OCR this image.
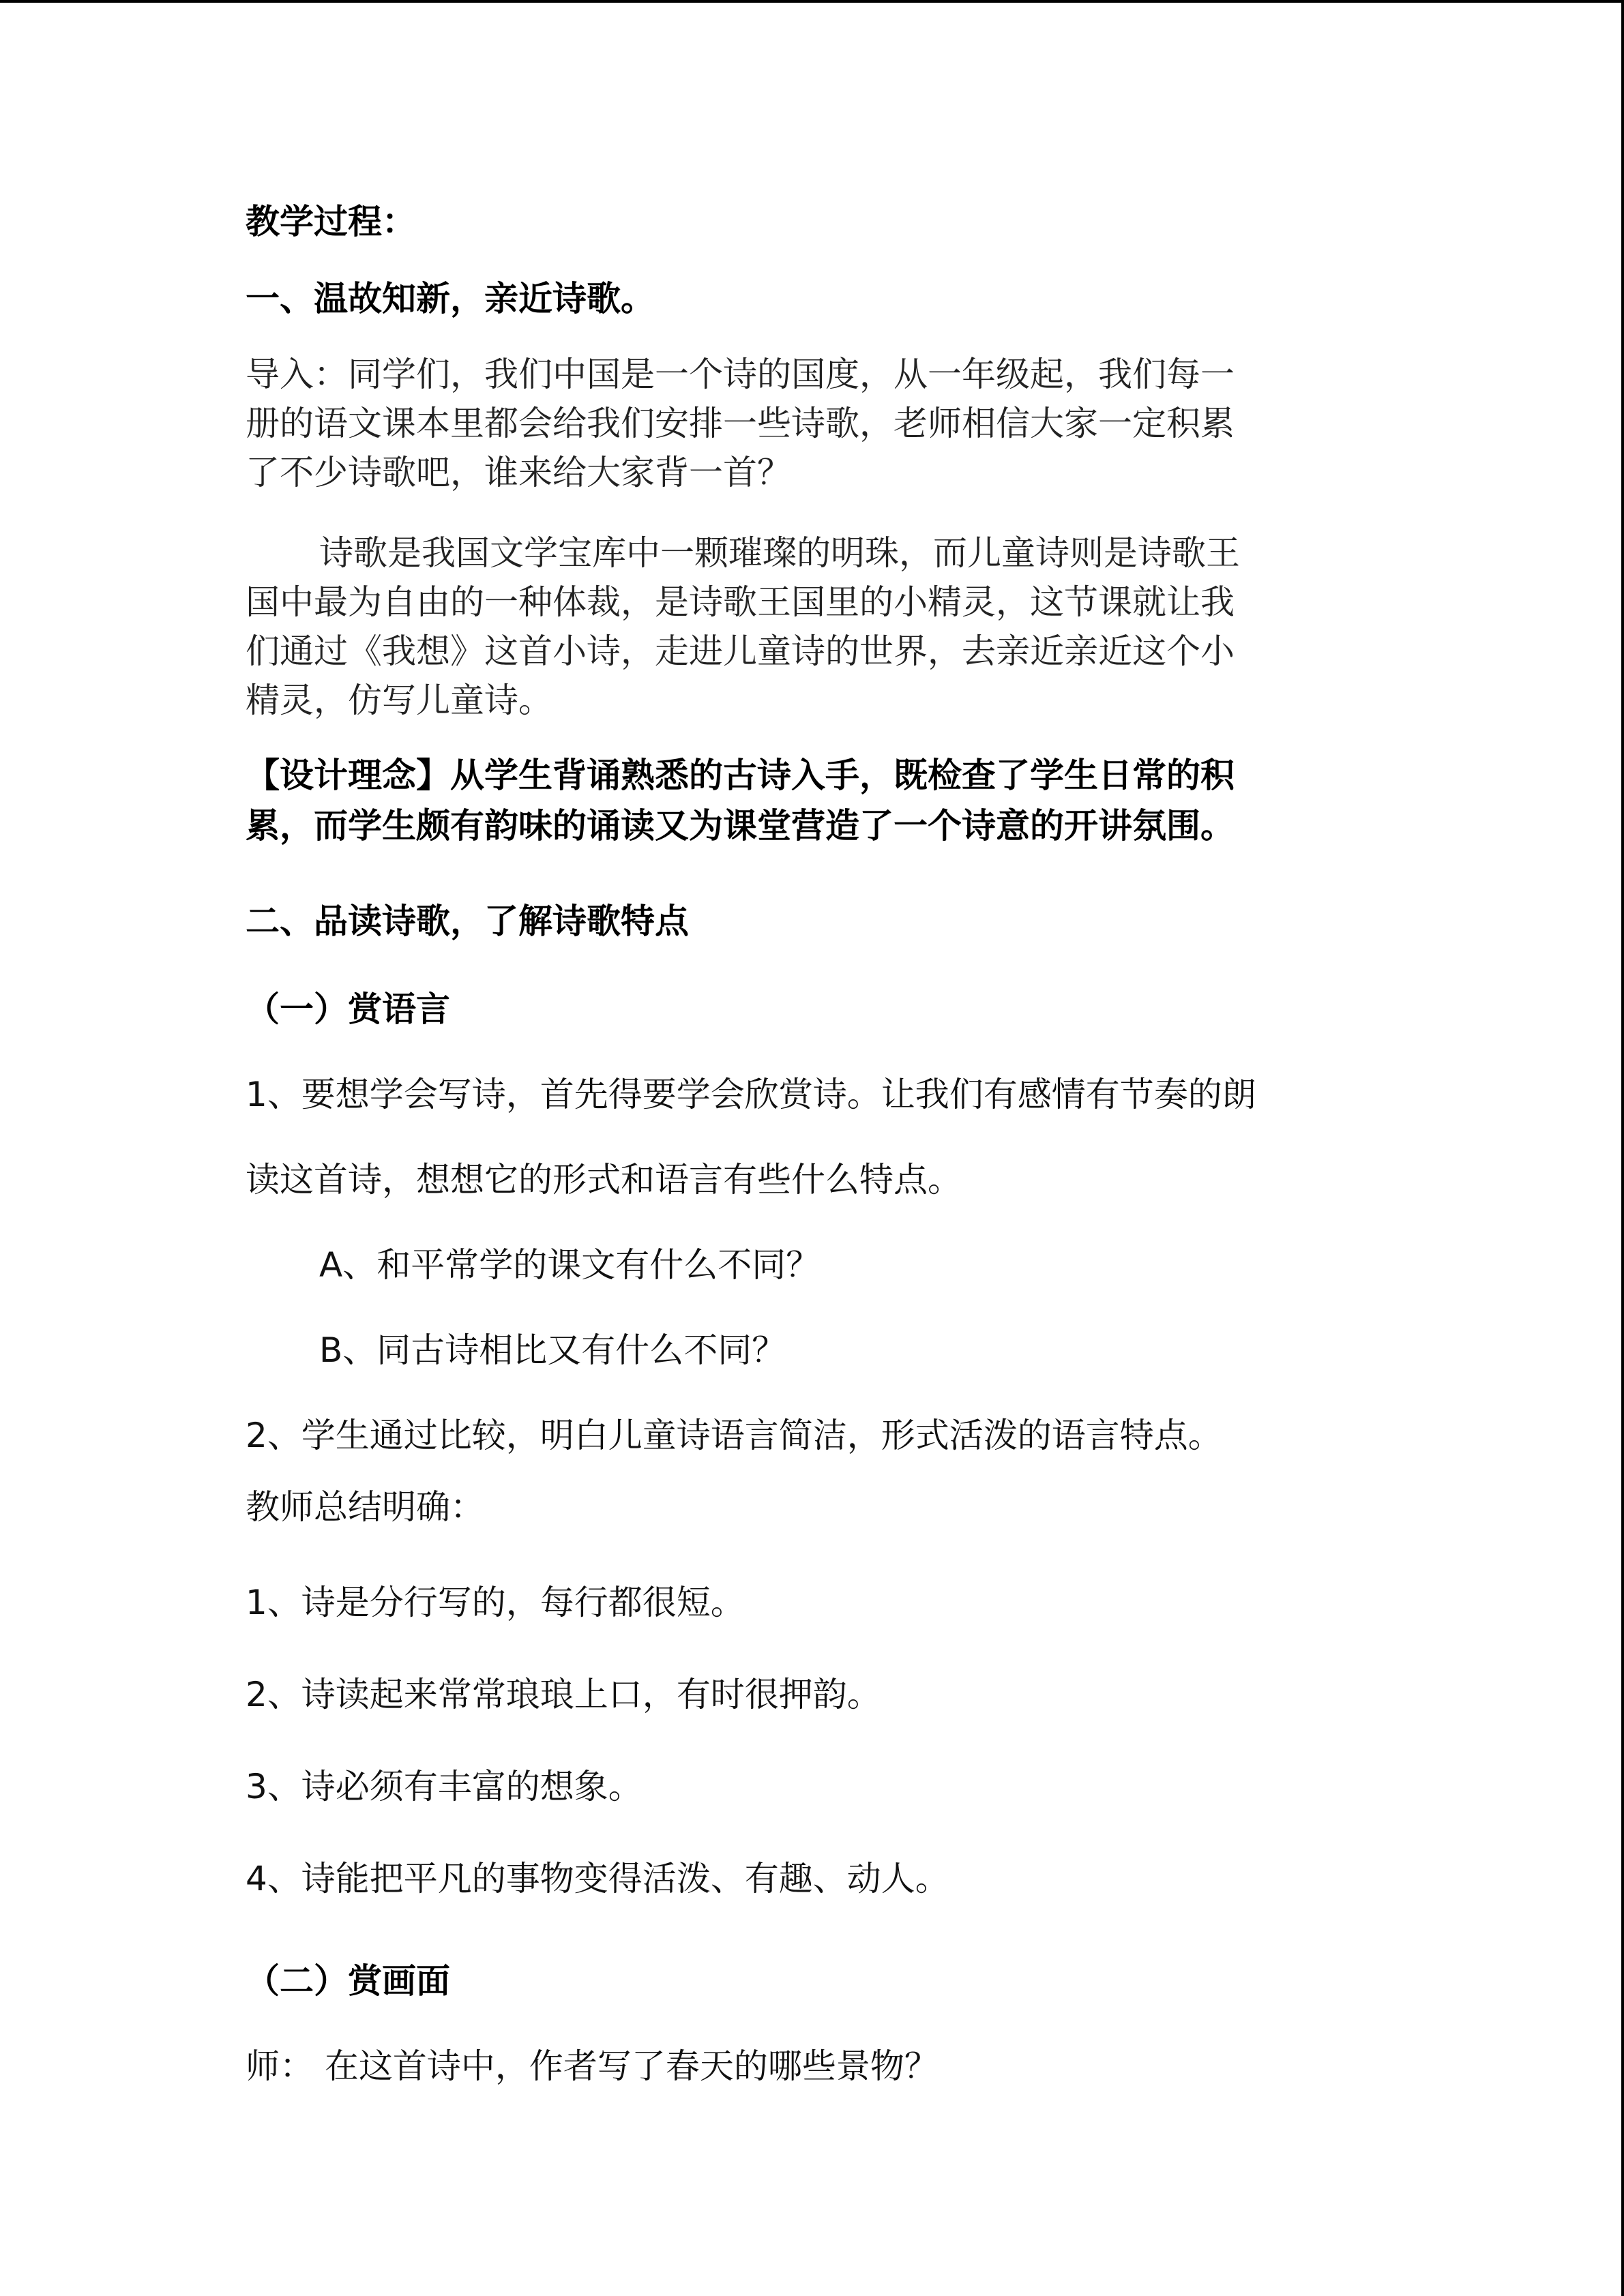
教学过程：
一、温故知新，亲近诗歌。
导入：同学们，我们中国是一个诗的国度，从一年级起，我们每一
册的语文课本里都会给我们安排一些诗歌，老师相信大家一定积累
了不少诗歌吧，谁来给大家背一首？
诗歌是我国文学宝库中一颗璀璨的明珠，而儿童诗则是诗歌王
国中最为自由的一种体裁，是诗歌王国里的小精灵，这节课就让我
们通过《我想》这首小诗，走进儿童诗的世界，去亲近亲近这个小
精灵，仿写儿童诗。
【设计理念】从学生背诵熟悉的古诗入手，既检查了学生日常的积
累，而学生颇有韵味的诵读又为课堂营造了一个诗意的开讲氛围。
二、品读诗歌，了解诗歌特点
（一）赏语言
1、要想学会写诗，首先得要学会欣赏诗。让我们有感情有节奏的朗
读这首诗，想想它的形式和语言有些什么特点。
A、和平常学的课文有什么不同？
B、同古诗相比又有什么不同？
2、学生通过比较，明白儿童诗语言简洁，形式活泼的语言特点。
教师总结明确：
1、诗是分行写的，每行都很短。
2、诗读起来常常琅琅上口，有时很押韵。
3、诗必须有丰富的想象。
4、诗能把平凡的事物变得活泼、有趣、动人。
（二）赏画面
师： 在这首诗中，作者写了春天的哪些景物？
